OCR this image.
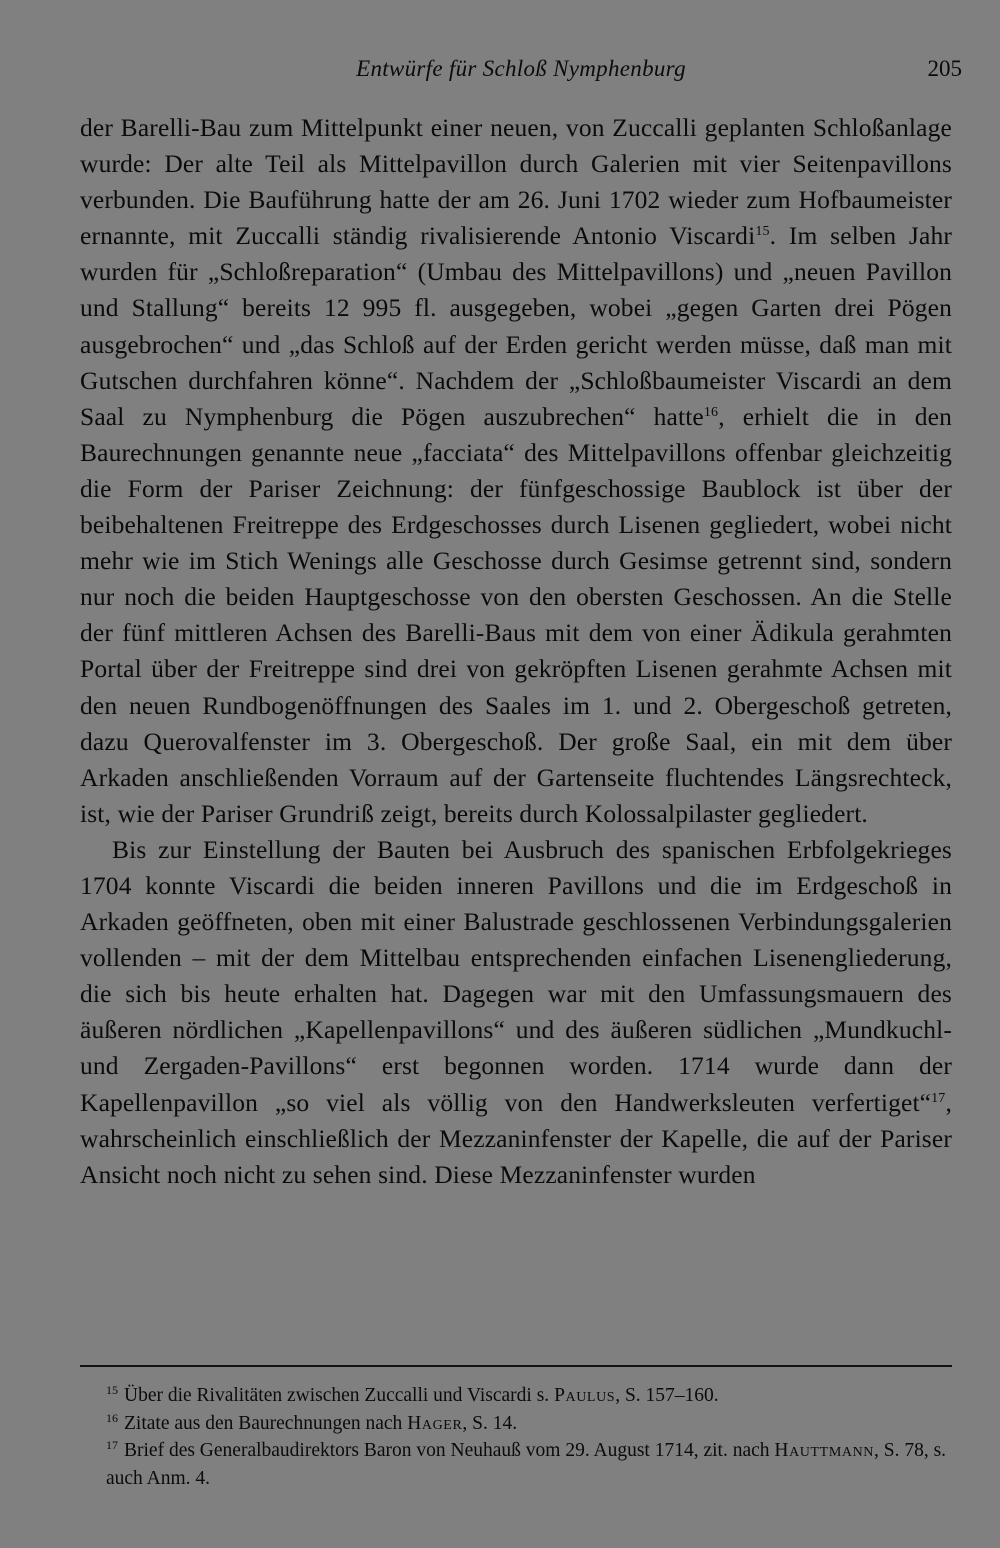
Entwürfe für Schloß Nymphenburg	205

der Barelli-Bau zum Mittelpunkt einer neuen, von Zuccalli geplanten Schloßanlage wurde: Der alte Teil als Mittelpavillon durch Galerien mit vier Seitenpavillons verbunden. Die Bauführung hatte der am 26. Juni 1702 wieder zum Hofbaumeister ernannte, mit Zuccalli ständig rivalisierende Antonio Viscardi$^{15}$. Im selben Jahr wurden für „Schloßreparation“ (Umbau des Mittelpavillons) und „neuen Pavillon und Stallung“ bereits 12 995 fl. ausgegeben, wobei „gegen Garten drei Pögen ausgebrochen“ und „das Schloß auf der Erden gericht werden müsse, daß man mit Gutschen durchfahren könne“. Nachdem der „Schloßbaumeister Viscardi an dem Saal zu Nymphenburg die Pögen auszubrechen“ hatte$^{16}$, erhielt die in den Baurechnungen genannte neue „facciata“ des Mittelpavillons offenbar gleichzeitig die Form der Pariser Zeichnung: der fünfgeschossige Baublock ist über der beibehaltenen Freitreppe des Erdgeschosses durch Lisenen gegliedert, wobei nicht mehr wie im Stich Wenings alle Geschosse durch Gesimse getrennt sind, sondern nur noch die beiden Hauptgeschosse von den obersten Geschossen. An die Stelle der fünf mittleren Achsen des Barelli-Baus mit dem von einer Ädikula gerahmten Portal über der Freitreppe sind drei von gekröpften Lisenen gerahmte Achsen mit den neuen Rundbogenöffnungen des Saales im 1. und 2. Obergeschoß getreten, dazu Querovalfenster im 3. Obergeschoß. Der große Saal, ein mit dem über Arkaden anschließenden Vorraum auf der Gartenseite fluchtendes Längsrechteck, ist, wie der Pariser Grundriß zeigt, bereits durch Kolossalpilaster gegliedert.

Bis zur Einstellung der Bauten bei Ausbruch des spanischen Erbfolgekrieges 1704 konnte Viscardi die beiden inneren Pavillons und die im Erdgeschoß in Arkaden geöffneten, oben mit einer Balustrade geschlossenen Verbindungsgalerien vollenden – mit der dem Mittelbau entsprechenden einfachen Lisenengliederung, die sich bis heute erhalten hat. Dagegen war mit den Umfassungsmauern des äußeren nördlichen „Kapellenpavillons“ und des äußeren südlichen „Mundkuchl- und Zergaden-Pavillons“ erst begonnen worden. 1714 wurde dann der Kapellenpavillon „so viel als völlig von den Handwerksleuten verfertiget“$^{17}$, wahrscheinlich einschließlich der Mezzaninfenster der Kapelle, die auf der Pariser Ansicht noch nicht zu sehen sind. Diese Mezzaninfenster wurden

$^{15}$ Über die Rivalitäten zwischen Zuccalli und Viscardi s. Paulus, S. 157–160.

$^{16}$ Zitate aus den Baurechnungen nach Hager, S. 14.

$^{17}$ Brief des Generalbaudirektors Baron von Neuhauß vom 29. August 1714, zit. nach Hauttmann, S. 78, s. auch Anm. 4.
